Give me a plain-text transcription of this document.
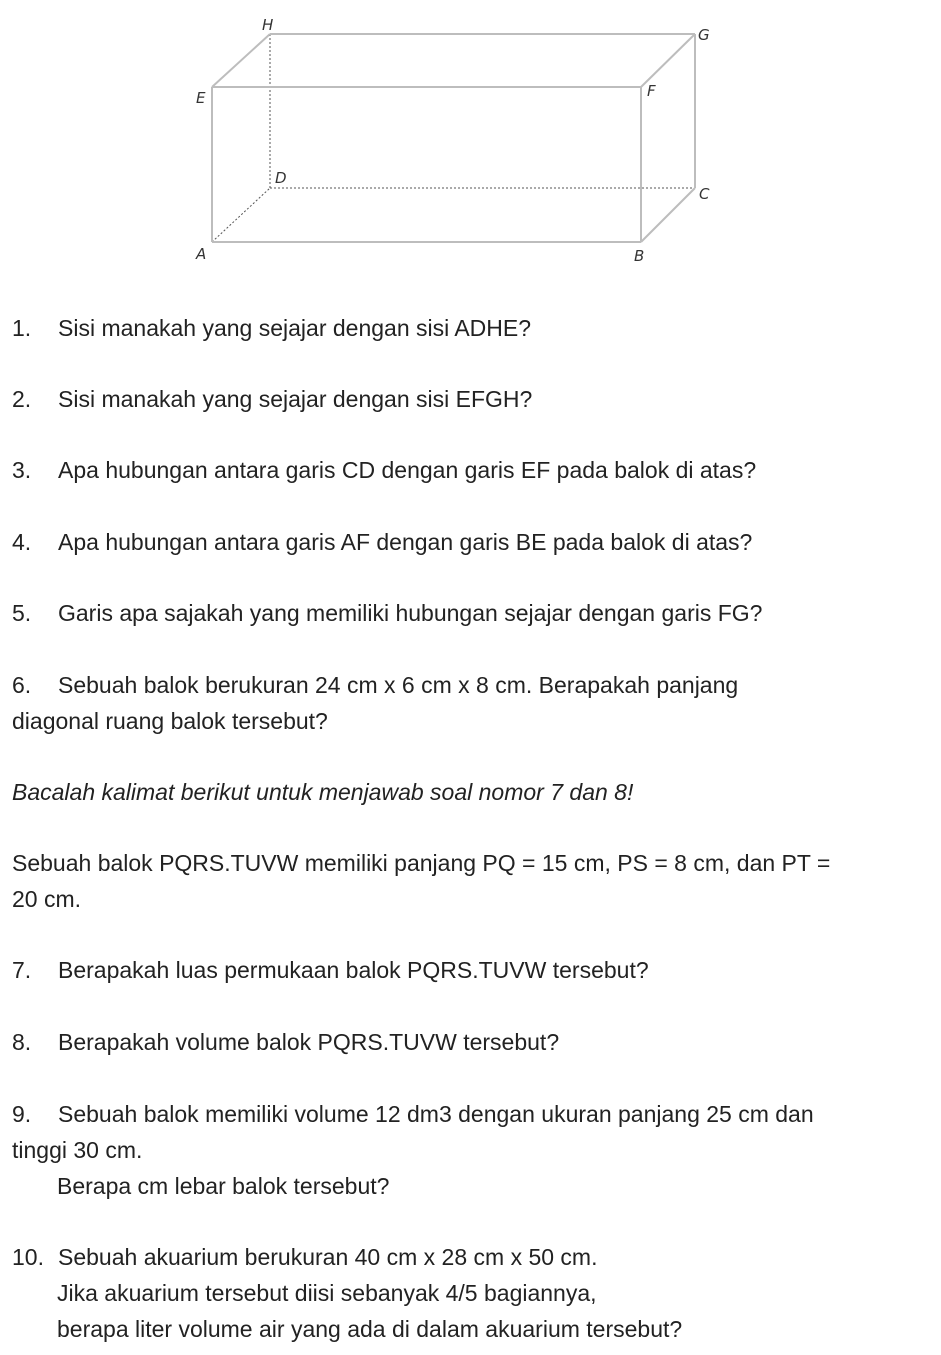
H
G
E	F
D
C
A	B
1. Sisi manakah yang sejajar dengan sisi ADHE?
2. Sisi manakah yang sejajar dengan sisi EFGH?
3. Apa hubungan antara garis CD dengan garis EF pada balok di atas?
4. Apa hubungan antara garis AF dengan garis BE pada balok di atas?
5. Garis apa sajakah yang memiliki hubungan sejajar dengan garis FG?
6. Sebuah balok berukuran 24 cm x 6 cm x 8 cm. Berapakah panjang
diagonal ruang balok tersebut?
Bacalah kalimat berikut untuk menjawab soal nomor 7 dan 8!
Sebuah balok PQRS.TUVW memiliki panjang PQ = 15 cm, PS = 8 cm, dan PT =
20 cm.
7. Berapakah luas permukaan balok PQRS.TUVW tersebut?
8. Berapakah volume balok PQRS.TUVW tersebut?
9. Sebuah balok memiliki volume 12 dm3 dengan ukuran panjang 25 cm dan
tinggi 30 cm.
Berapa cm lebar balok tersebut?
10. Sebuah akuarium berukuran 40 cm x 28 cm x 50 cm.
Jika akuarium tersebut diisi sebanyak 4/5 bagiannya,
berapa liter volume air yang ada di dalam akuarium tersebut?
